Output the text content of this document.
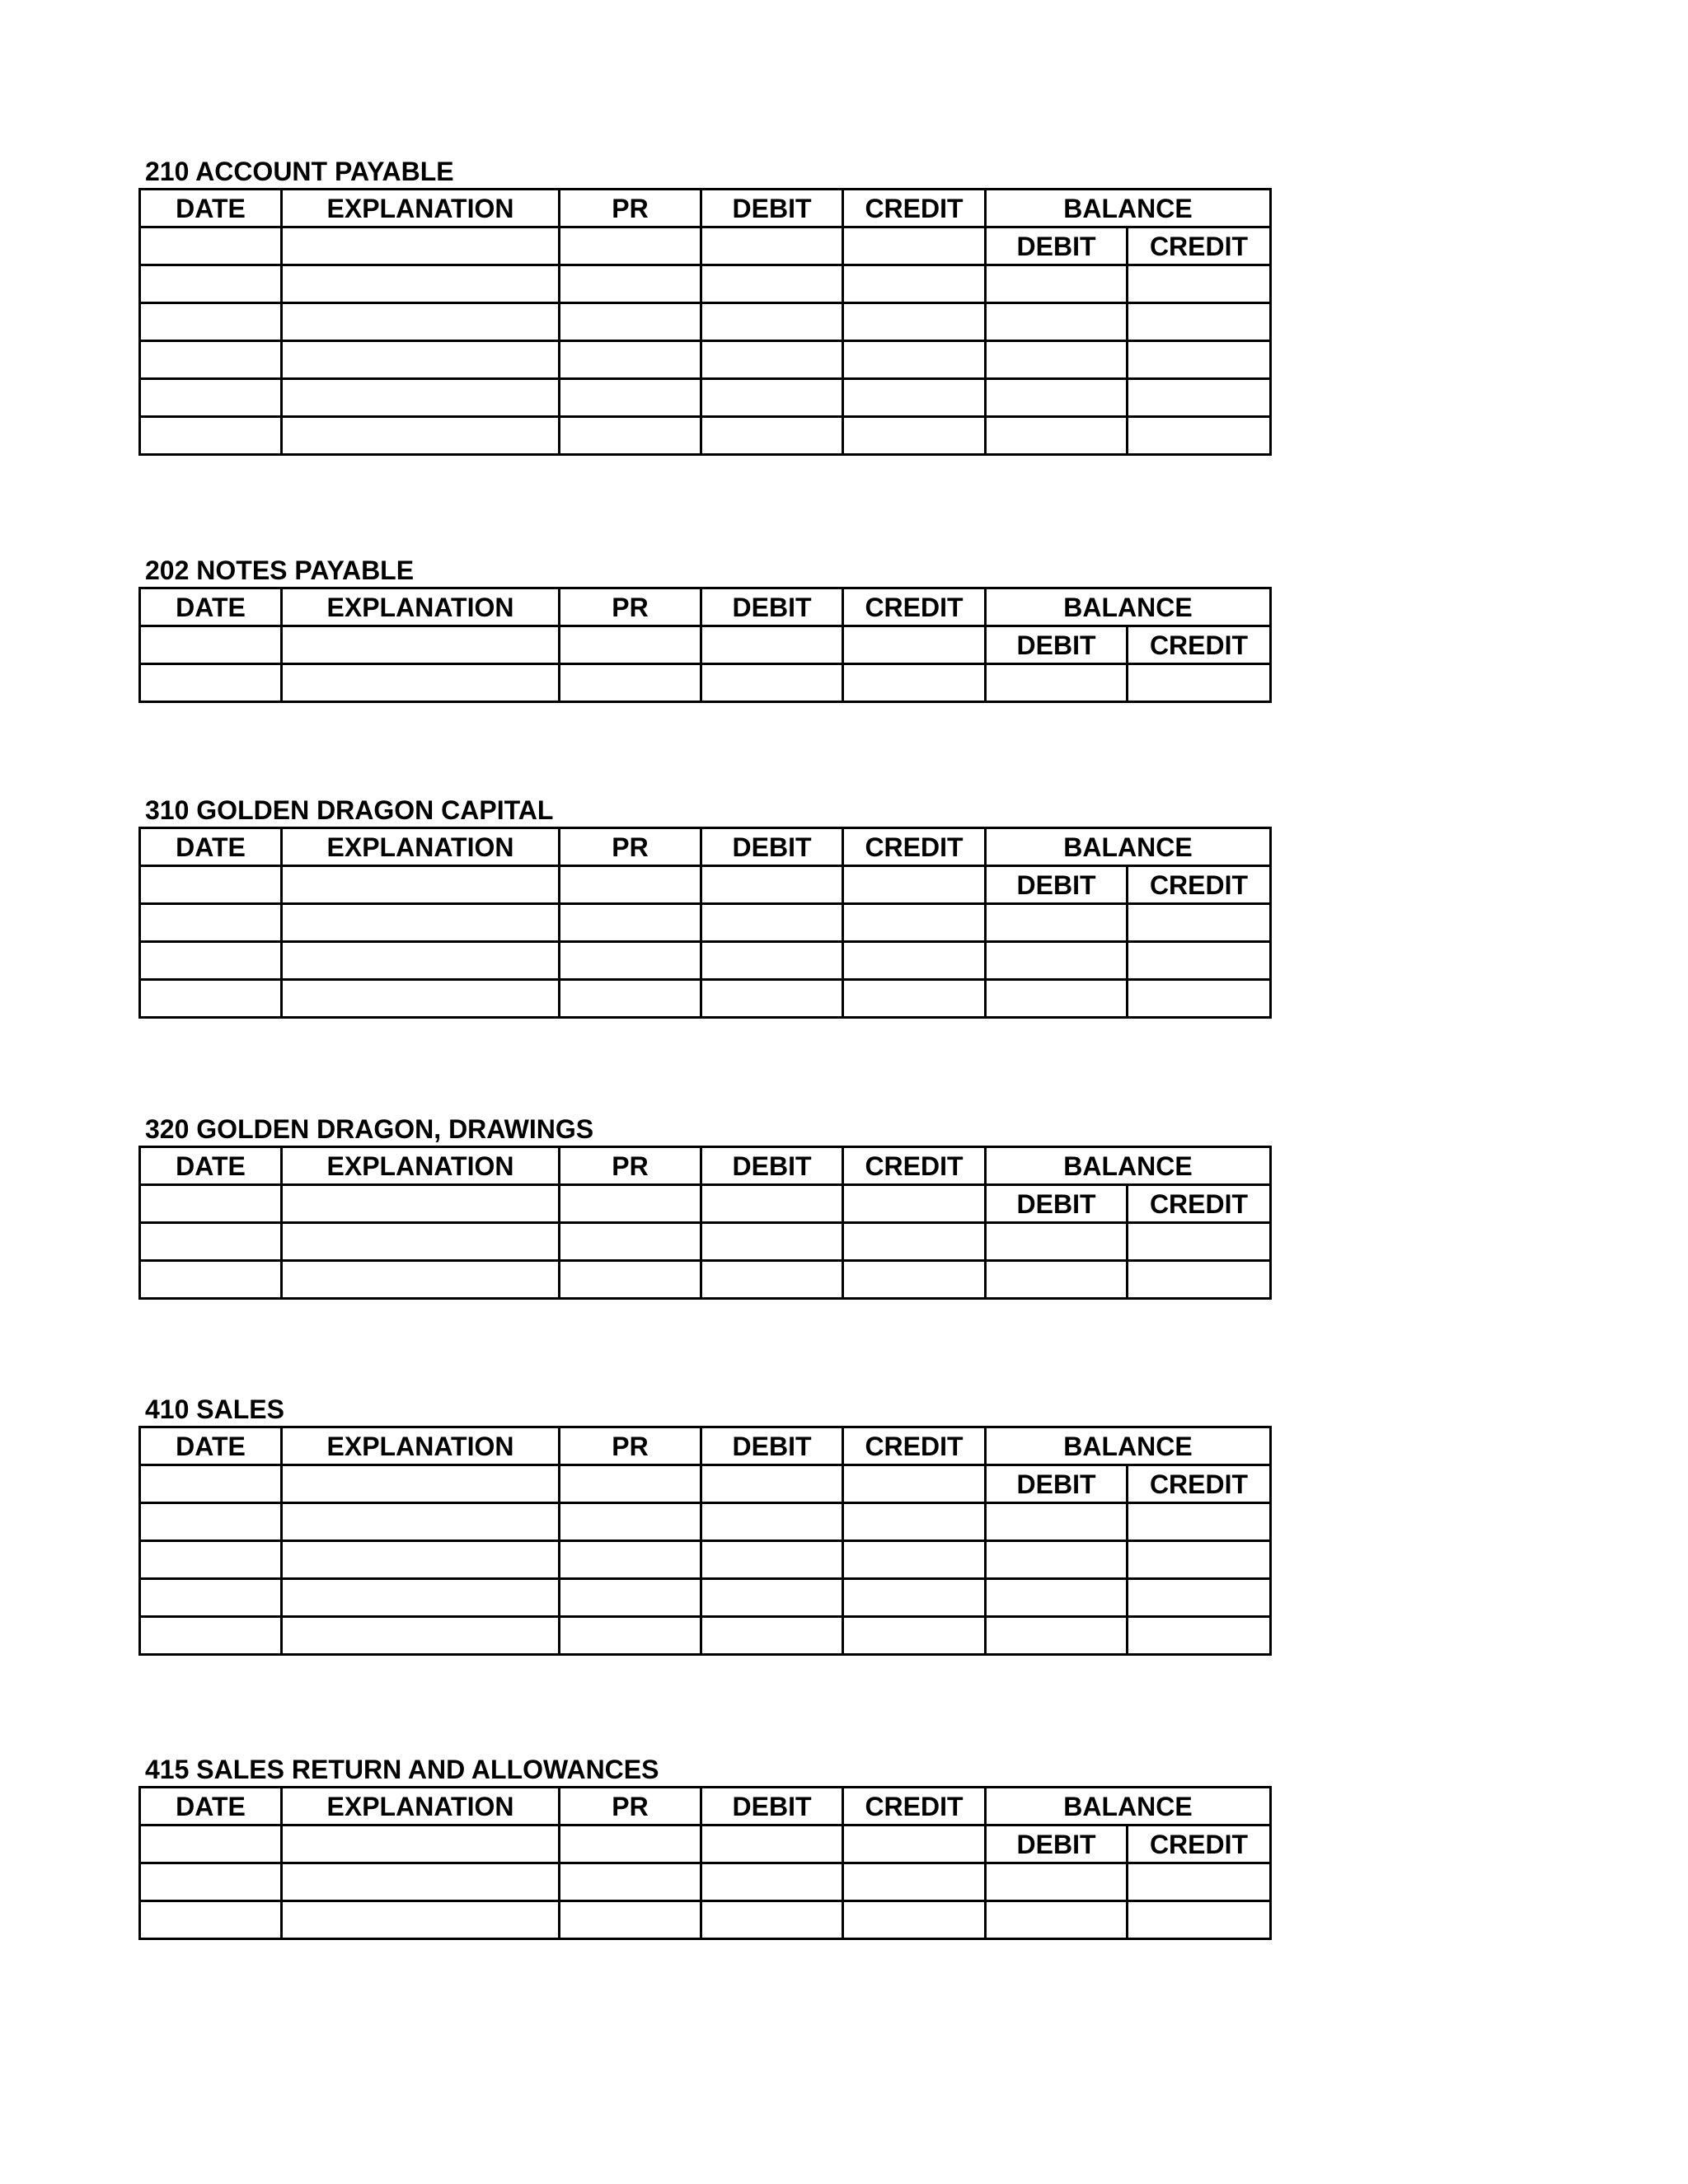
210 ACCOUNT PAYABLE
DATE	EXPLANATION	PR	DEBIT	CREDIT	BALANCE	
					DEBIT	CREDIT

202 NOTES PAYABLE
DATE	EXPLANATION	PR	DEBIT	CREDIT	BALANCE	
					DEBIT	CREDIT

310 GOLDEN DRAGON CAPITAL
DATE	EXPLANATION	PR	DEBIT	CREDIT	BALANCE	
					DEBIT	CREDIT

320 GOLDEN DRAGON, DRAWINGS
DATE	EXPLANATION	PR	DEBIT	CREDIT	BALANCE	
					DEBIT	CREDIT

410 SALES
DATE	EXPLANATION	PR	DEBIT	CREDIT	BALANCE	
					DEBIT	CREDIT

415 SALES RETURN AND ALLOWANCES
DATE	EXPLANATION	PR	DEBIT	CREDIT	BALANCE	
					DEBIT	CREDIT
